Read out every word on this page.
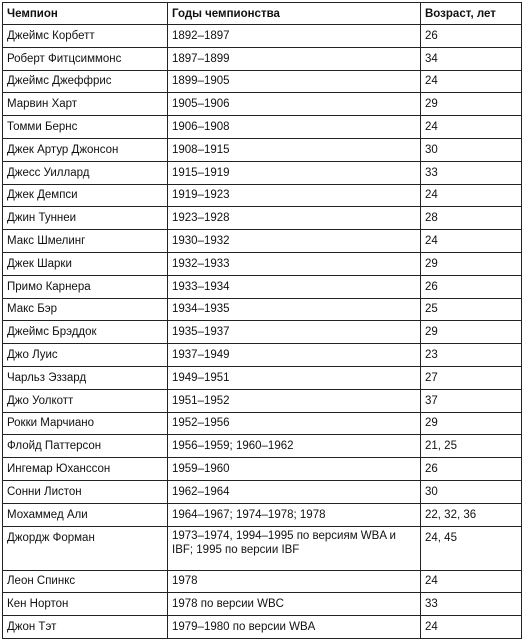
Чемпион	Годы чемпионства	Возраст, лет
Джеймс Корбетт	1892–1897	26
Роберт Фитцсиммонс	1897–1899	34
Джеймс Джеффрис	1899–1905	24
Марвин Харт	1905–1906	29
Томми Бернс	1906–1908	24
Джек Артур Джонсон	1908–1915	30
Джесс Уиллард	1915–1919	33
Джек Демпси	1919–1923	24
Джин Туннеи	1923–1928	28
Макс Шмелинг	1930–1932	24
Джек Шарки	1932–1933	29
Примо Карнера	1933–1934	26
Макс Бэр	1934–1935	25
Джеймс Брэддок	1935–1937	29
Джо Луис	1937–1949	23
Чарльз Эззард	1949–1951	27
Джо Уолкотт	1951–1952	37
Рокки Марчиано	1952–1956	29
Флойд Паттерсон	1956–1959; 1960–1962	21, 25
Ингемар Юханссон	1959–1960	26
Сонни Листон	1962–1964	30
Мохаммед Али	1964–1967; 1974–1978; 1978	22, 32, 36
Джордж Форман	1973–1974, 1994–1995 по версиям WBA и IBF; 1995 по версии IBF	24, 45
Леон Спинкс	1978	24
Кен Нортон	1978 по версии WBC	33
Джон Тэт	1979–1980 по версии WBA	24
